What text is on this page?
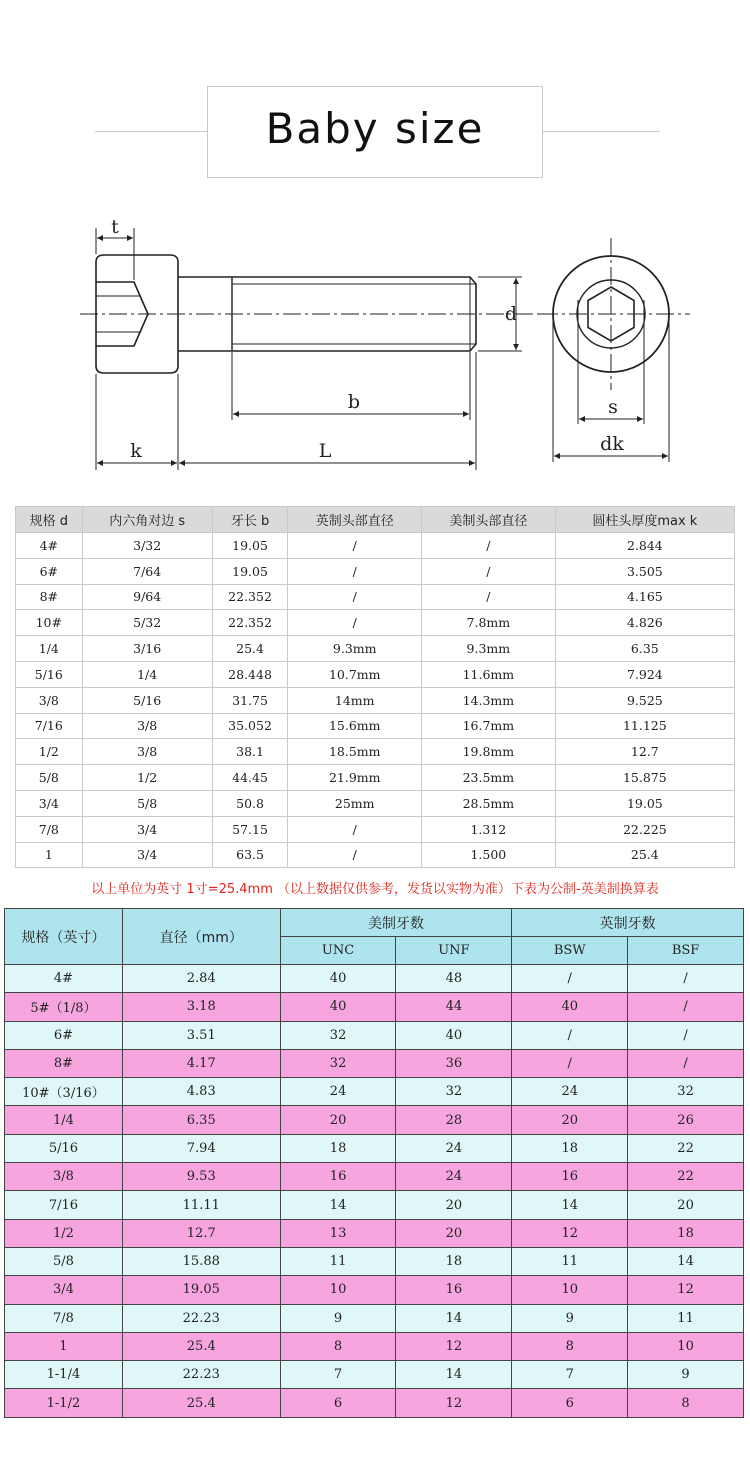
Baby size
t
d
b
k	L
s
dk
规格 d	内六角对边 s	牙长 b	英制头部直径	美制头部直径	圆柱头厚度max k
4#	3/32	19.05	/	/	2.844
6#	7/64	19.05	/	/	3.505
8#	9/64	22.352	/	/	4.165
10#	5/32	22.352	/	7.8mm	4.826
1/4	3/16	25.4	9.3mm	9.3mm	6.35
5/16	1/4	28.448	10.7mm	11.6mm	7.924
3/8	5/16	31.75	14mm	14.3mm	9.525
7/16	3/8	35.052	15.6mm	16.7mm	11.125
1/2	3/8	38.1	18.5mm	19.8mm	12.7
5/8	1/2	44.45	21.9mm	23.5mm	15.875
3/4	5/8	50.8	25mm	28.5mm	19.05
7/8	3/4	57.15	/	1.312	22.225
1	3/4	63.5	/	1.500	25.4
以上单位为英寸 1寸=25.4mm （以上数据仅供参考，发货以实物为准）下表为公制-英美制换算表
规格（英寸）	直径（mm）	美制牙数		英制牙数	
		UNC	UNF	BSW	BSF
4#	2.84	40	48	/	/
5#（1/8）	3.18	40	44	40	/
6#	3.51	32	40	/	/
8#	4.17	32	36	/	/
10#（3/16）	4.83	24	32	24	32
1/4	6.35	20	28	20	26
5/16	7.94	18	24	18	22
3/8	9.53	16	24	16	22
7/16	11.11	14	20	14	20
1/2	12.7	13	20	12	18
5/8	15.88	11	18	11	14
3/4	19.05	10	16	10	12
7/8	22.23	9	14	9	11
1	25.4	8	12	8	10
1-1/4	22.23	7	14	7	9
1-1/2	25.4	6	12	6	8
